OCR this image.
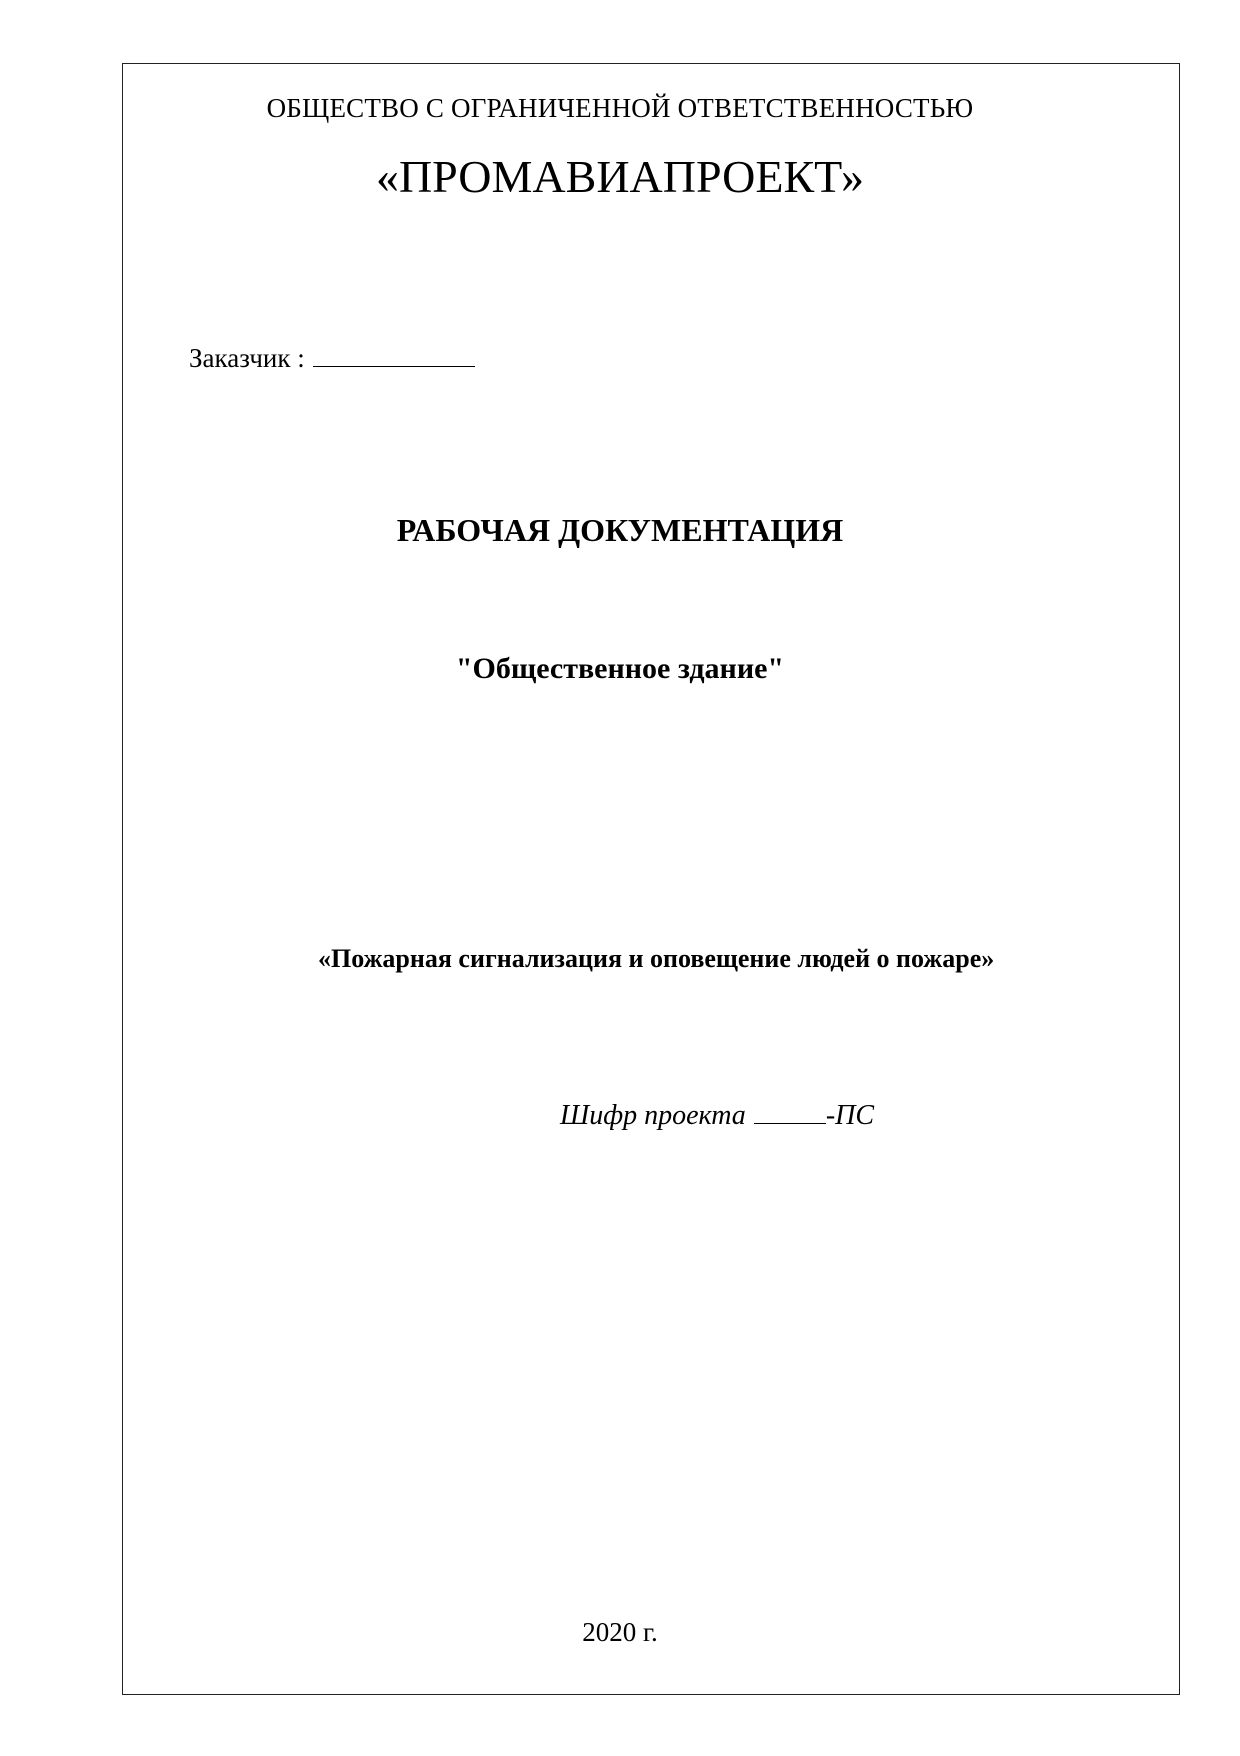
ОБЩЕСТВО С ОГРАНИЧЕННОЙ ОТВЕТСТВЕННОСТЬЮ
«ПРОМАВИАПРОЕКТ»
Заказчик :
РАБОЧАЯ ДОКУМЕНТАЦИЯ
"Общественное здание"
«Пожарная сигнализация и оповещение людей о пожаре»
Шифр проекта	-ПС
2020 г.
